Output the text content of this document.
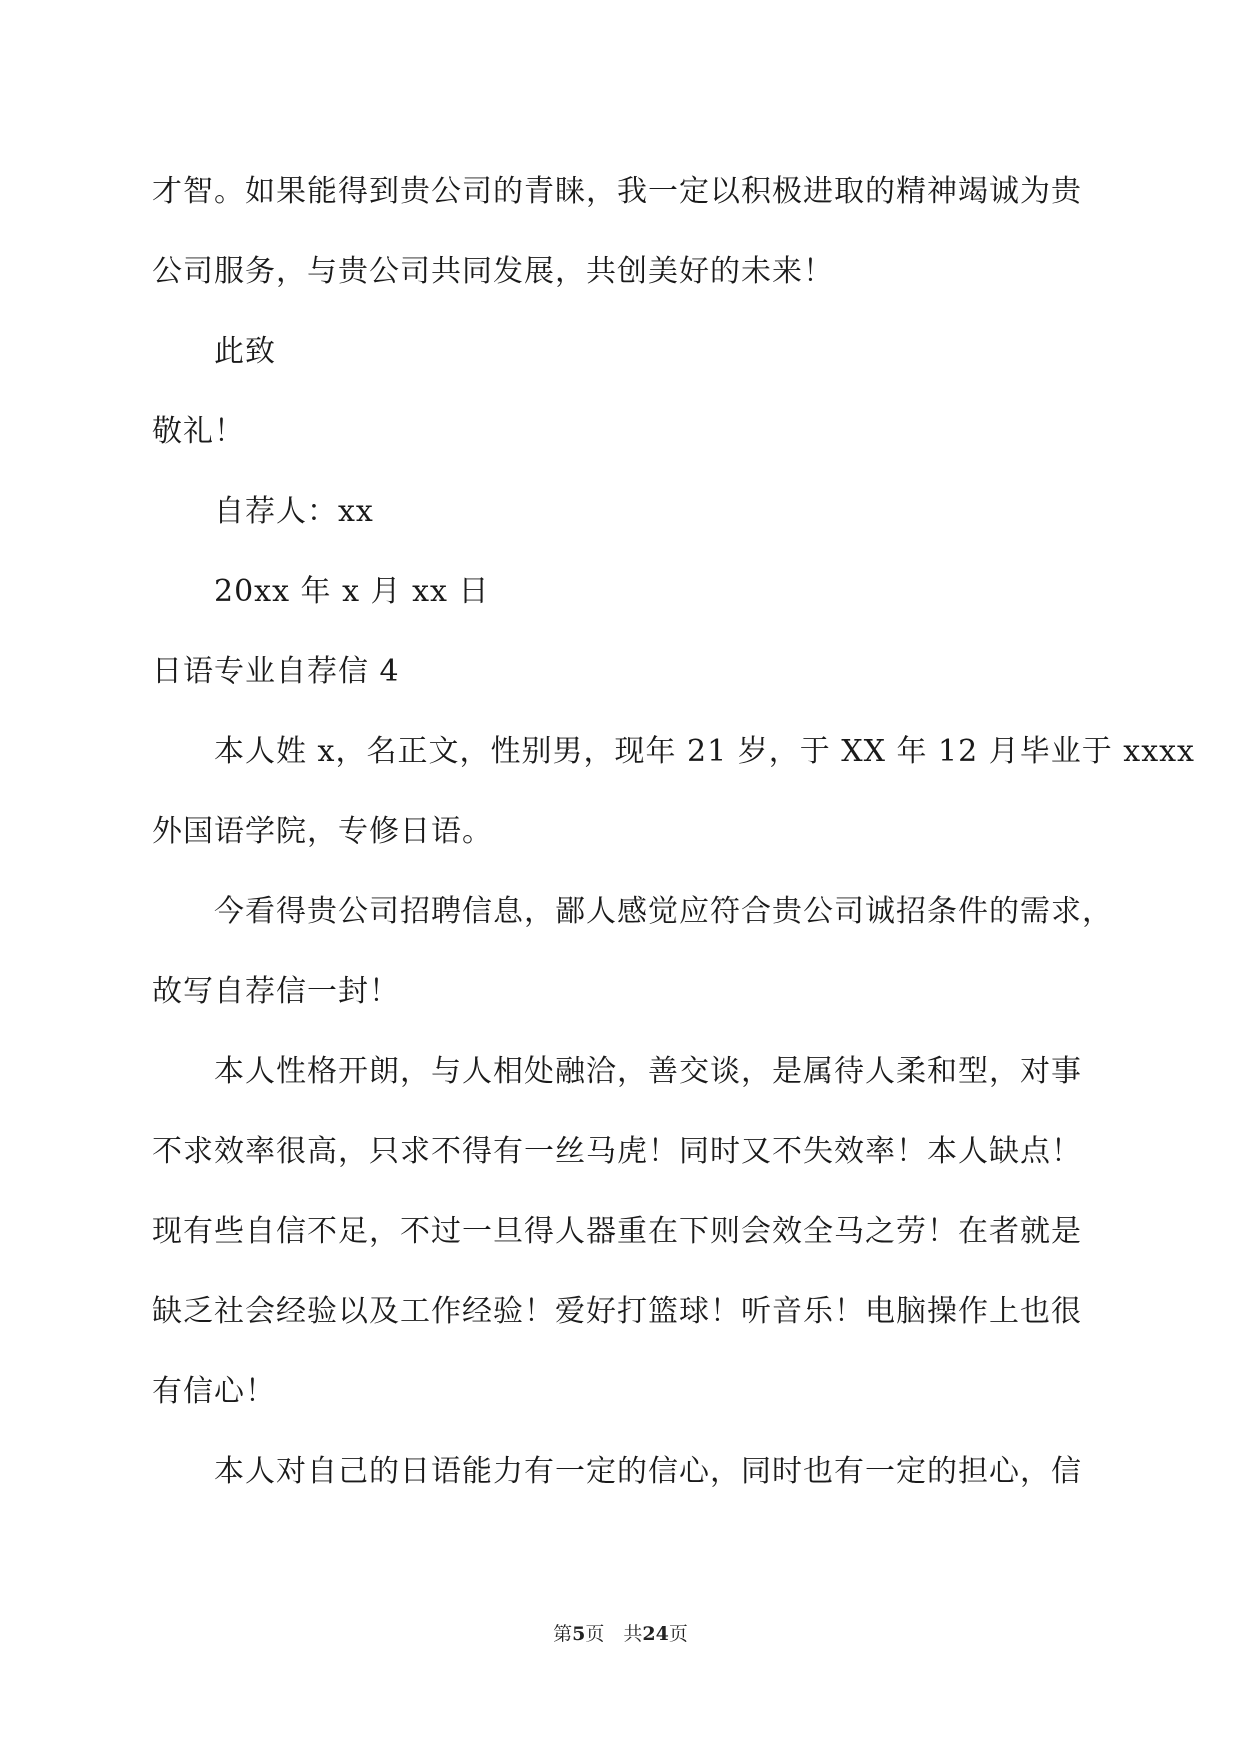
才智。如果能得到贵公司的青睐，我一定以积极进取的精神竭诚为贵
公司服务，与贵公司共同发展，共创美好的未来！
此致
敬礼！
自荐人：xx
20xx 年 x 月 xx 日
日语专业自荐信 4
本人姓 x，名正文，性别男，现年 21 岁，于 XX 年 12 月毕业于 xxxx
外国语学院，专修日语。
今看得贵公司招聘信息，鄙人感觉应符合贵公司诚招条件的需求，
故写自荐信一封！
本人性格开朗，与人相处融洽，善交谈，是属待人柔和型，对事
不求效率很高，只求不得有一丝马虎！同时又不失效率！本人缺点！
现有些自信不足，不过一旦得人器重在下则会效全马之劳！在者就是
缺乏社会经验以及工作经验！爱好打篮球！听音乐！电脑操作上也很
有信心！
本人对自己的日语能力有一定的信心，同时也有一定的担心，信
第5页　共24页
